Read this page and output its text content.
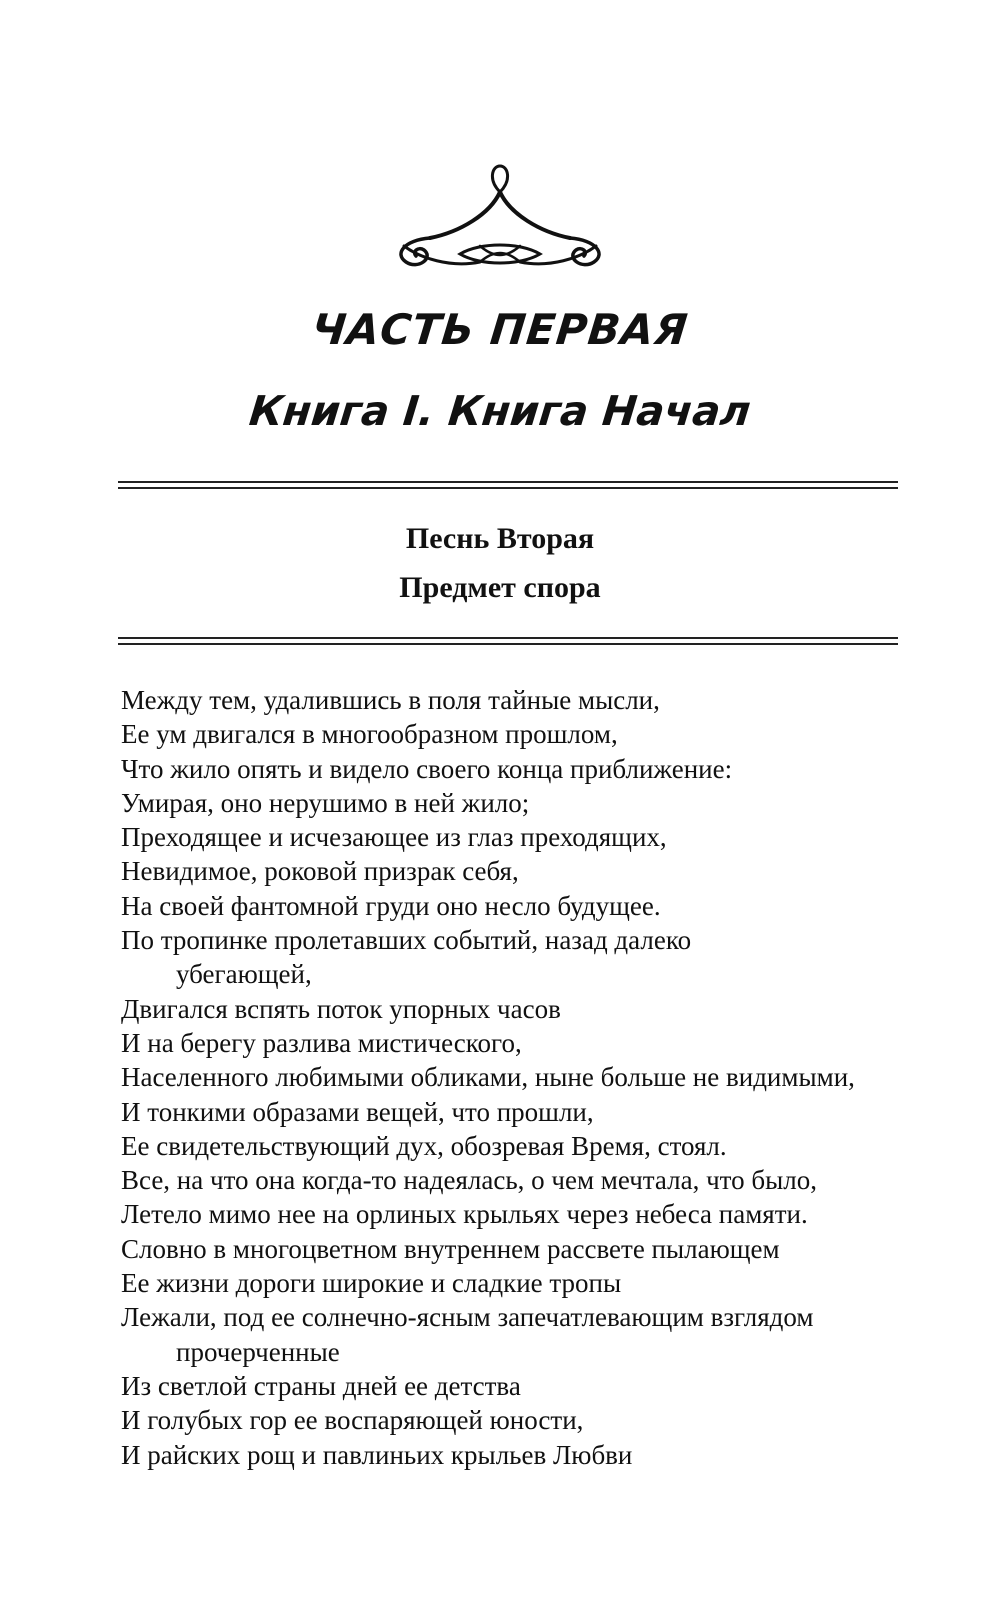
ЧАСТЬ ПЕРВАЯ
Книга I. Книга Начал
Песнь Вторая
Предмет спора
Между тем, удалившись в поля тайные мысли,
Ее ум двигался в многообразном прошлом,
Что жило опять и видело своего конца приближение:
Умирая, оно нерушимо в ней жило;
Преходящее и исчезающее из глаз преходящих,
Невидимое, роковой призрак себя,
На своей фантомной груди оно несло будущее.
По тропинке пролетавших событий, назад далеко
убегающей,
Двигался вспять поток упорных часов
И на берегу разлива мистического,
Населенного любимыми обликами, ныне больше не видимыми,
И тонкими образами вещей, что прошли,
Ее свидетельствующий дух, обозревая Время, стоял.
Все, на что она когда-то надеялась, о чем мечтала, что было,
Летело мимо нее на орлиных крыльях через небеса памяти.
Словно в многоцветном внутреннем рассвете пылающем
Ее жизни дороги широкие и сладкие тропы
Лежали, под ее солнечно-ясным запечатлевающим взглядом
прочерченные
Из светлой страны дней ее детства
И голубых гор ее воспаряющей юности,
И райских рощ и павлиньих крыльев Любви
